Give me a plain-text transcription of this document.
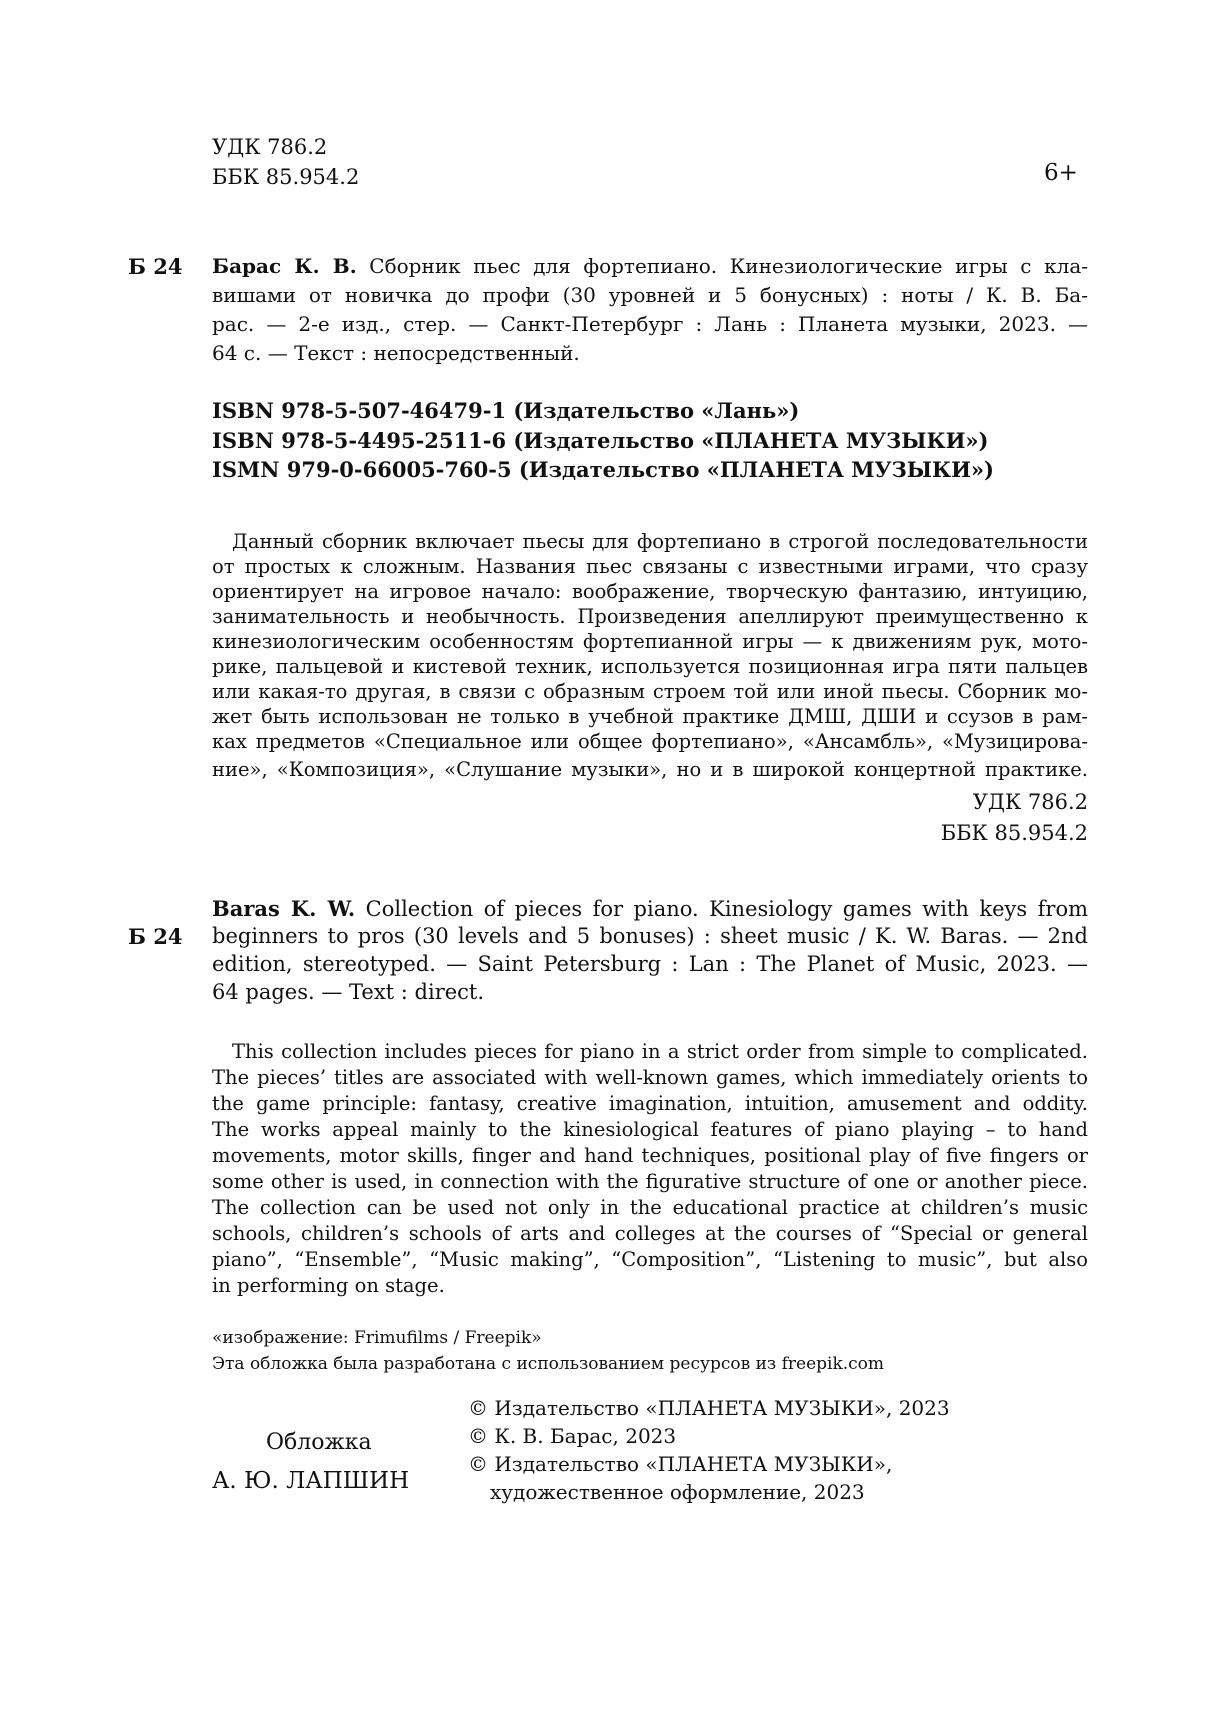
УДК 786.2
ББК 85.954.2	6+
Б 24 Барас К. В. Сборник пьес для фортепиано. Кинезиологические игры с кла-
вишами от новичка до профи (30 уровней и 5 бонусных) : ноты / К. В. Ба-
рас. — 2-е изд., стер. — Санкт-Петербург : Лань : Планета музыки, 2023. —
64 с. — Текст : непосредственный.
ISBN 978-5-507-46479-1 (Издательство «Лань»)
ISBN 978-5-4495-2511-6 (Издательство «ПЛАНЕТА МУЗЫКИ»)
ISMN 979-0-66005-760-5 (Издательство «ПЛАНЕТА МУЗЫКИ»)
Данный сборник включает пьесы для фортепиано в строгой последовательности
от простых к сложным. Названия пьес связаны с известными играми, что сразу
ориентирует на игровое начало: воображение, творческую фантазию, интуицию,
занимательность и необычность. Произведения апеллируют преимущественно к
кинезиологическим особенностям фортепианной игры — к движениям рук, мото-
рике, пальцевой и кистевой техник, используется позиционная игра пяти пальцев
или какая-то другая, в связи с образным строем той или иной пьесы. Сборник мо-
жет быть использован не только в учебной практике ДМШ, ДШИ и ссузов в рам-
ках предметов «Специальное или общее фортепиано», «Ансамбль», «Музицирова-
ние», «Композиция», «Слушание музыки», но и в широкой концертной практике.
УДК 786.2
ББК 85.954.2
Б 24
Baras K. W. Collection of pieces for piano. Kinesiology games with keys from
beginners to pros (30 levels and 5 bonuses) : sheet music / K. W. Baras. — 2nd
edition, stereotyped. — Saint Petersburg : Lan : The Planet of Music, 2023. —
64 pages. — Text : direct.
This collection includes pieces for piano in a strict order from simple to complicated.
The pieces’ titles are associated with well-known games, which immediately orients to
the game principle: fantasy, creative imagination, intuition, amusement and oddity.
The works appeal mainly to the kinesiological features of piano playing – to hand
movements, motor skills, finger and hand techniques, positional play of five fingers or
some other is used, in connection with the figurative structure of one or another piece.
The collection can be used not only in the educational practice at children’s music
schools, children’s schools of arts and colleges at the courses of “Special or general
piano”, “Ensemble”, “Music making”, “Composition”, “Listening to music”, but also
in performing on stage.
«изображение: Frimufilms / Freepik»
Эта обложка была разработана с использованием ресурсов из freepik.com
Обложка
А. Ю. ЛАПШИН
© Издательство «ПЛАНЕТА МУЗЫКИ», 2023
© К. В. Барас, 2023
© Издательство «ПЛАНЕТА МУЗЫКИ»,
художественное оформление, 2023
